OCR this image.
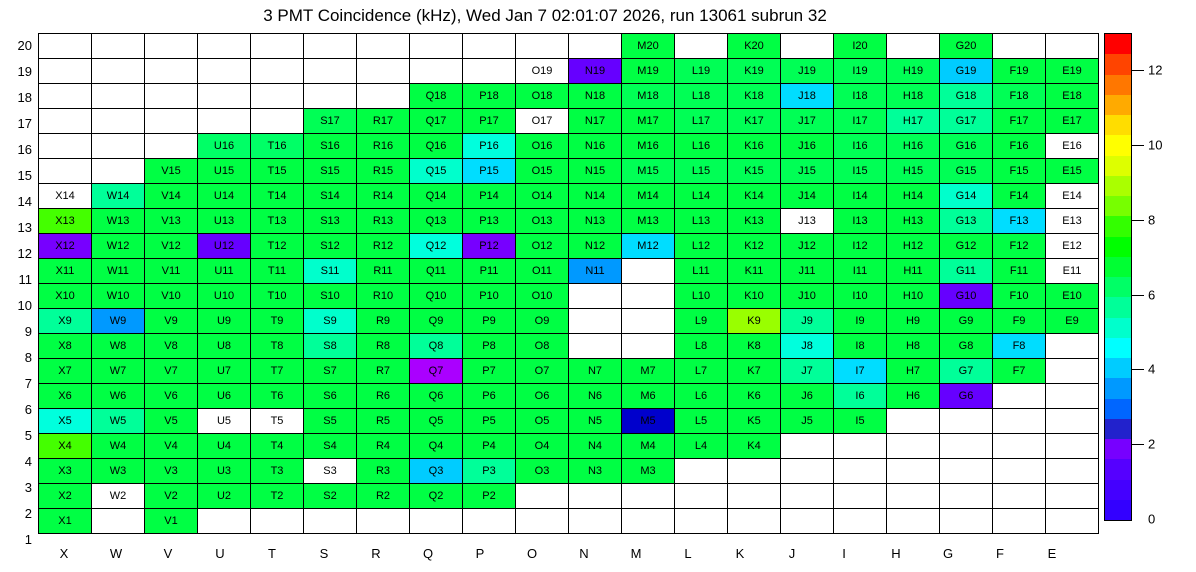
3 PMT Coincidence (kHz), Wed Jan 7 02:01:07 2026, run 13061 subrun 32
20
19
18
17
16
15
14
13
12
11
10
9
8
7
6
5
4
3
2
1
											M20		K20		I20		G20		
									O19	N19	M19	L19	K19	J19	I19	H19	G19	F19	E19
							Q18	P18	O18	N18	M18	L18	K18	J18	I18	H18	G18	F18	E18
					S17	R17	Q17	P17	O17	N17	M17	L17	K17	J17	I17	H17	G17	F17	E17
			U16	T16	S16	R16	Q16	P16	O16	N16	M16	L16	K16	J16	I16	H16	G16	F16	E16
		V15	U15	T15	S15	R15	Q15	P15	O15	N15	M15	L15	K15	J15	I15	H15	G15	F15	E15
X14	W14	V14	U14	T14	S14	R14	Q14	P14	O14	N14	M14	L14	K14	J14	I14	H14	G14	F14	E14
X13	W13	V13	U13	T13	S13	R13	Q13	P13	O13	N13	M13	L13	K13	J13	I13	H13	G13	F13	E13
X12	W12	V12	U12	T12	S12	R12	Q12	P12	O12	N12	M12	L12	K12	J12	I12	H12	G12	F12	E12
X11	W11	V11	U11	T11	S11	R11	Q11	P11	O11	N11		L11	K11	J11	I11	H11	G11	F11	E11
X10	W10	V10	U10	T10	S10	R10	Q10	P10	O10			L10	K10	J10	I10	H10	G10	F10	E10
X9	W9	V9	U9	T9	S9	R9	Q9	P9	O9			L9	K9	J9	I9	H9	G9	F9	E9
X8	W8	V8	U8	T8	S8	R8	Q8	P8	O8			L8	K8	J8	I8	H8	G8	F8	
X7	W7	V7	U7	T7	S7	R7	Q7	P7	O7	N7	M7	L7	K7	J7	I7	H7	G7	F7	
X6	W6	V6	U6	T6	S6	R6	Q6	P6	O6	N6	M6	L6	K6	J6	I6	H6	G6		
X5	W5	V5	U5	T5	S5	R5	Q5	P5	O5	N5	M5	L5	K5	J5	I5				
X4	W4	V4	U4	T4	S4	R4	Q4	P4	O4	N4	M4	L4	K4						
X3	W3	V3	U3	T3	S3	R3	Q3	P3	O3	N3	M3								
X2	W2	V2	U2	T2	S2	R2	Q2	P2											
X1		V1																	
X	W	V	U	T	S	R	Q	P	O	N	M	L	K	J	I	H	G	F	E
0
2
4
6
8
10
12
